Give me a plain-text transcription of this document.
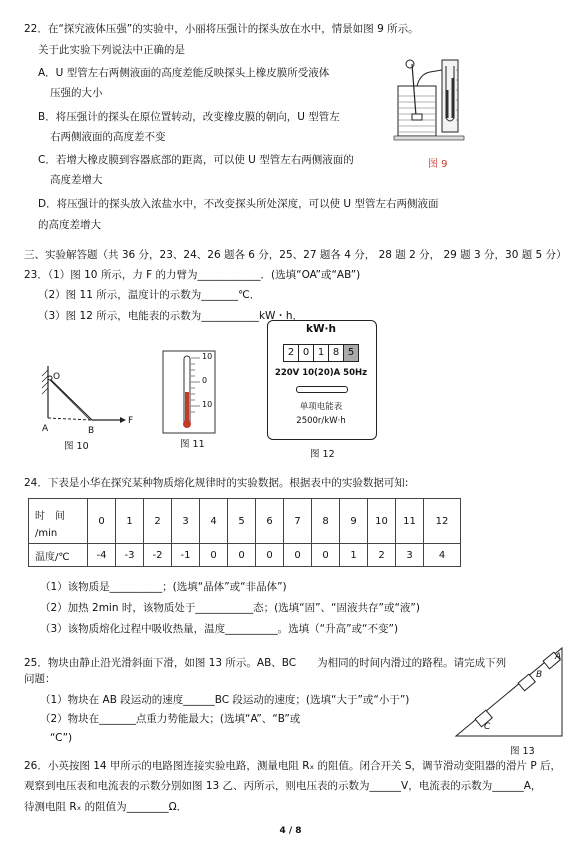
22．在“探究液体压强”的实验中，小丽将压强计的探头放在水中，情景如图 9 所示。
关于此实验下列说法中正确的是
A．U 型管左右两侧液面的高度差能反映探头上橡皮膜所受液体
压强的大小
B．将压强计的探头在原位置转动，改变橡皮膜的朝向，U 型管左
右两侧液面的高度差不变
C．若增大橡皮膜到容器底部的距离，可以使 U 型管左右两侧液面的
高度差增大
D．将压强计的探头放入浓盐水中，不改变探头所处深度，可以使 U 型管左右两侧液面
的高度差增大
图 9
三、实验解答题（共 36 分，23、24、26 题各 6 分，25、27 题各 4 分， 28 题 2 分， 29 题 3 分，30 题 5 分）
23．（1）图 10 所示，力 F 的力臂为____________．(选填“OA”或“AB”)
（2）图 11 所示，温度计的示数为_______℃．
（3）图 12 所示，电能表的示数为___________kW・h．
O
A	B
F
图 10
10
0
10
图 11
kW·h
2 0 1 8 5
220V 10(20)A 50Hz
单项电能表
2500r/kW·h
图 12
24．下表是小华在探究某种物质熔化规律时的实验数据。根据表中的实验数据可知:
时　间	0	1	2	3	4	5	6	7	8	9	10	11	12
/min													
温度/℃	-4	-3	-2	-1	0	0	0	0	0	1	2	3	4
（1）该物质是__________；(选填“晶体”或“非晶体”)
（2）加热 2min 时，该物质处于___________态；(选填“固”、“固液共存”或“液”)
（3）该物质熔化过程中吸收热量，温度__________。选填（“升高”或“不变”)
25．物块由静止沿光滑斜面下滑，如图 13 所示。AB、BC　　为相同的时间内滑过的路程。请完成下列
问题：
（1）物块在 AB 段运动的速度______BC 段运动的速度；(选填“大于”或“小于”)
（2）物块在_______点重力势能最大；(选填“A”、“B”或
“C”)
A
B
C
图 13
26．小英按图 14 甲所示的电路图连接实验电路，测量电阻 Rₓ 的阻值。闭合开关 S，调节滑动变阻器的滑片 P 后，
观察到电压表和电流表的示数分别如图 13 乙、丙所示，则电压表的示数为______V，电流表的示数为______A，
待测电阻 Rₓ 的阻值为________Ω．
4 / 8
